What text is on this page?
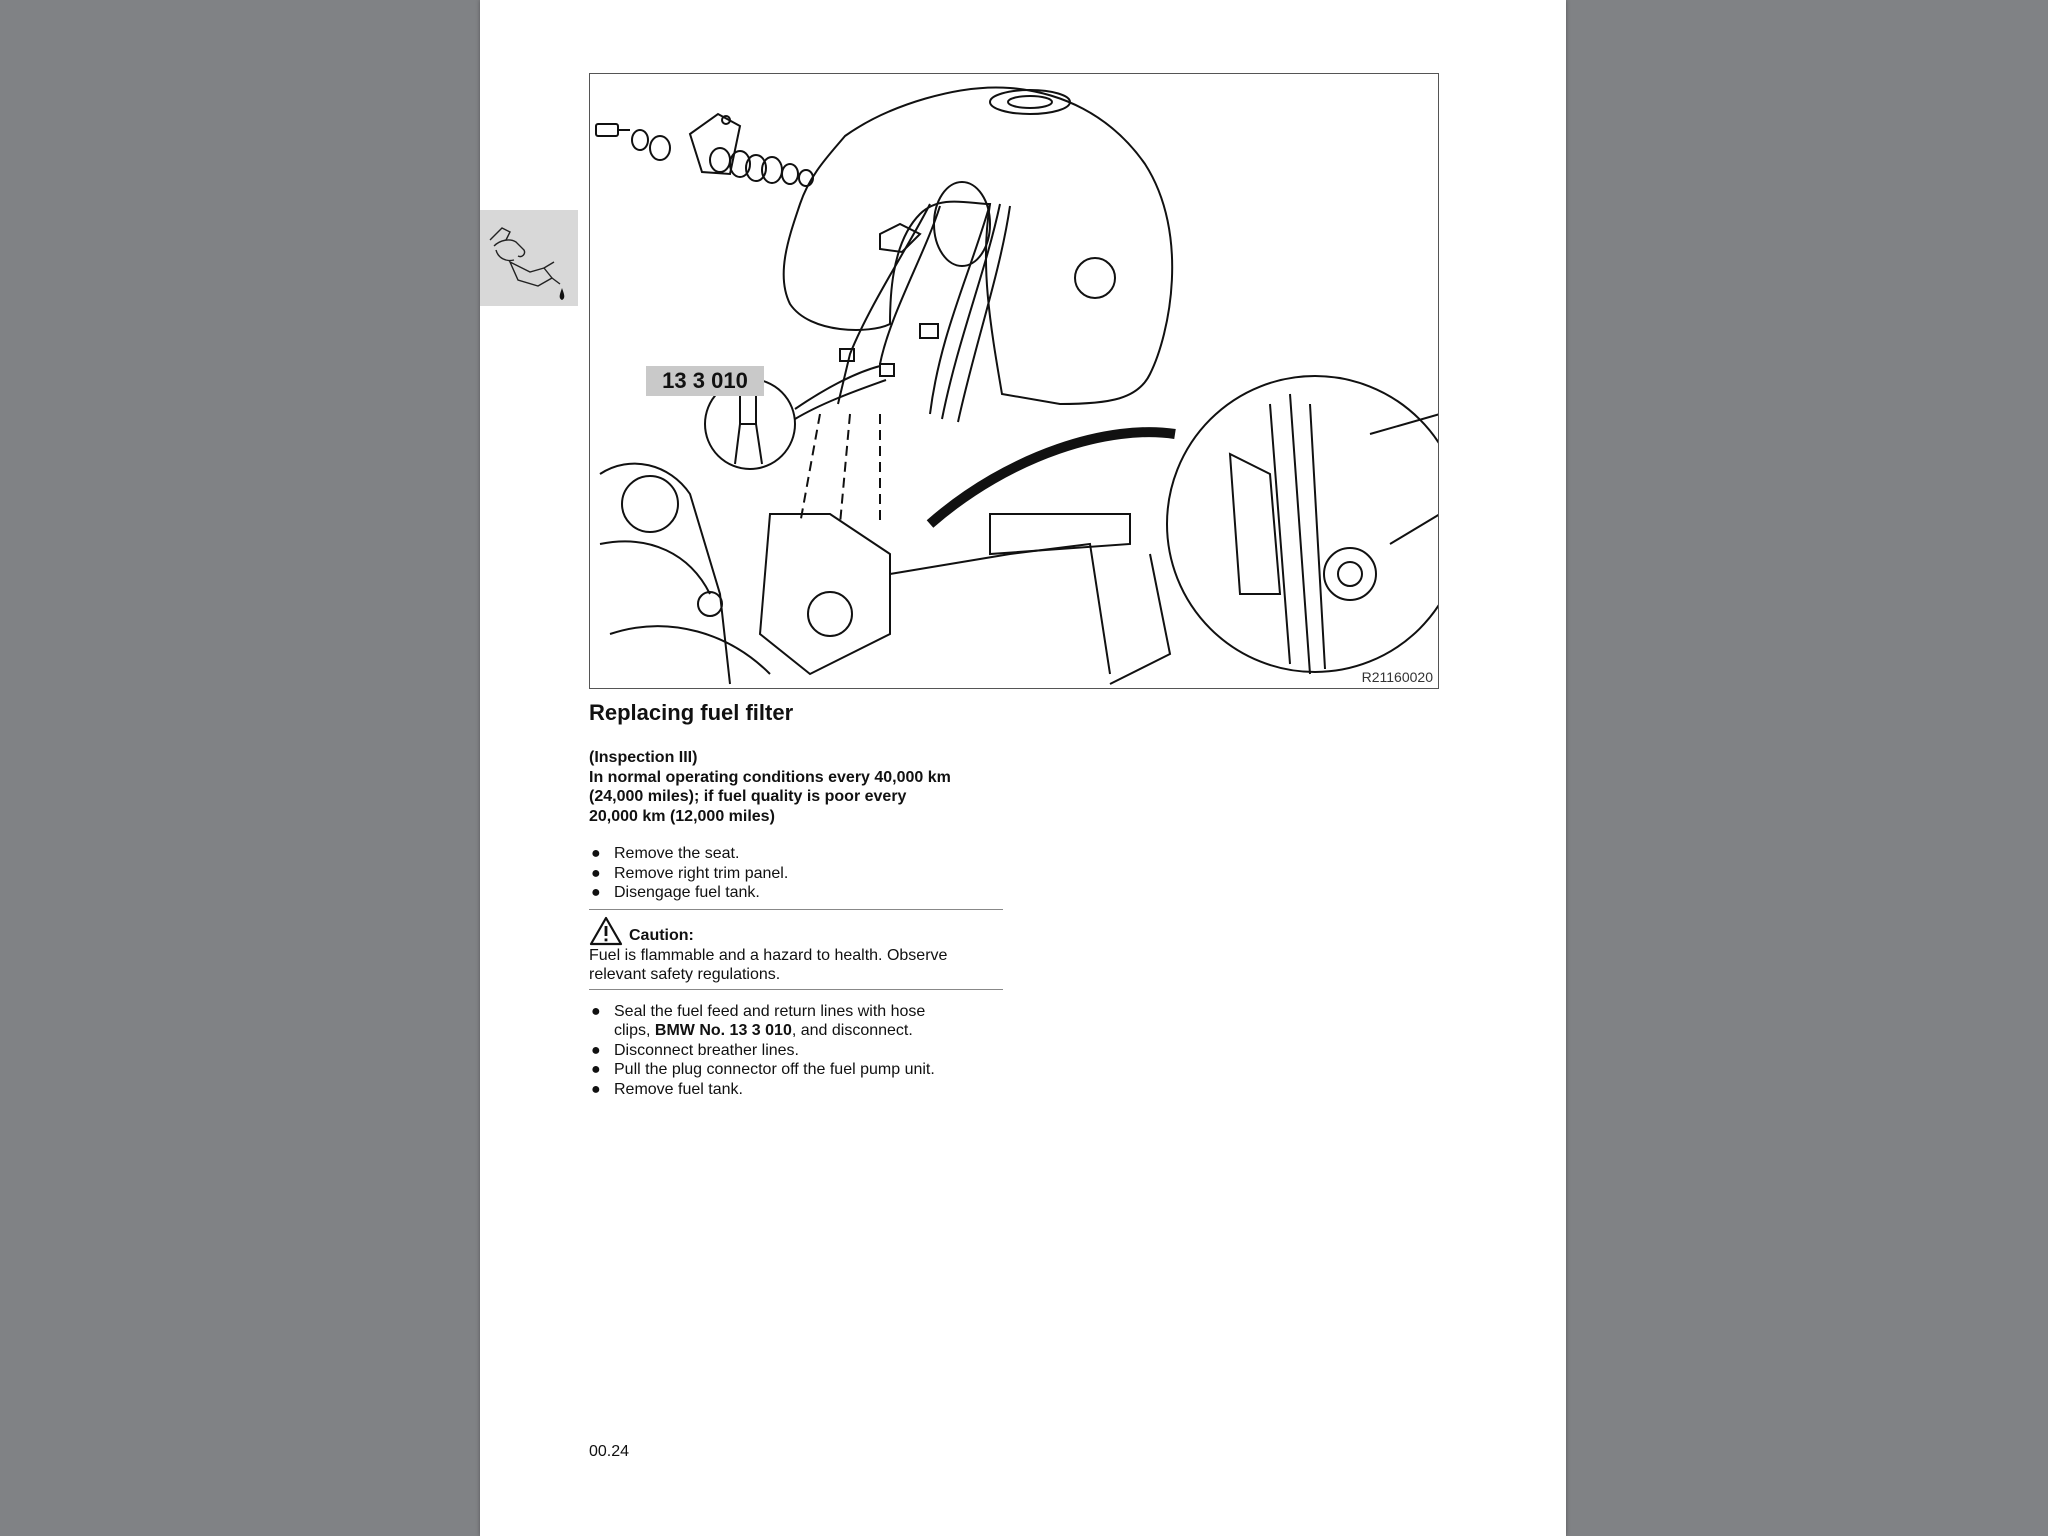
13 3 010
R21160020
Replacing fuel filter
(Inspection III)
In normal operating conditions every 40,000 km
(24,000 miles); if fuel quality is poor every
20,000 km (12,000 miles)
● Remove the seat.
● Remove right trim panel.
● Disengage fuel tank.
Caution:
Fuel is flammable and a hazard to health. Observe
relevant safety regulations.
● Seal the fuel feed and return lines with hose
clips, BMW No. 13 3 010, and disconnect.
● Disconnect breather lines.
● Pull the plug connector off the fuel pump unit.
● Remove fuel tank.
00.24
